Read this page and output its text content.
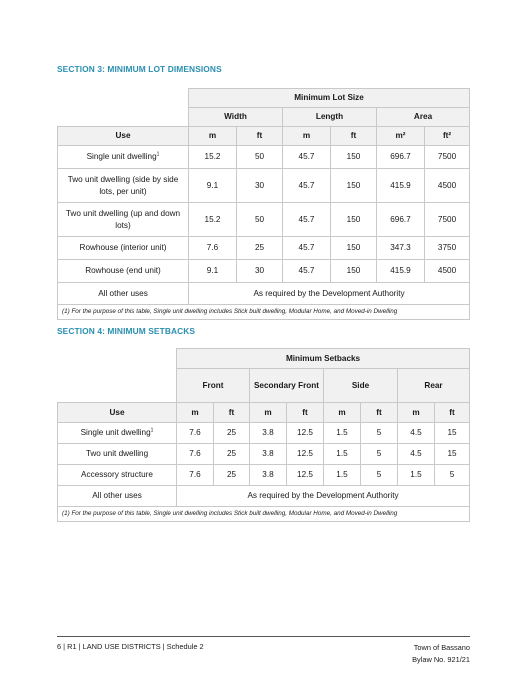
SECTION 3: MINIMUM LOT DIMENSIONS
	Minimum Lot Size					
	Width		Length		Area	
Use	m	ft	m	ft	m²	ft²
Single unit dwelling$^1$	15.2	50	45.7	150	696.7	7500
Two unit dwelling (side by side lots, per unit)	9.1	30	45.7	150	415.9	4500
Two unit dwelling (up and down lots)	15.2	50	45.7	150	696.7	7500
Rowhouse (interior unit)	7.6	25	45.7	150	347.3	3750
Rowhouse (end unit)	9.1	30	45.7	150	415.9	4500
All other uses	As required by the Development Authority					
(1) For the purpose of this table, Single unit dwelling includes Stick built dwelling, Modular Home, and Moved-in Dwelling						
SECTION 4: MINIMUM SETBACKS
	Minimum Setbacks							
	Front		Secondary Front		Side		Rear	
Use	m	ft	m	ft	m	ft	m	ft
Single unit dwelling$^1$	7.6	25	3.8	12.5	1.5	5	4.5	15
Two unit dwelling	7.6	25	3.8	12.5	1.5	5	4.5	15
Accessory structure	7.6	25	3.8	12.5	1.5	5	1.5	5
All other uses	As required by the Development Authority							
(1) For the purpose of this table, Single unit dwelling includes Stick built dwelling, Modular Home, and Moved-in Dwelling								
6 | R1 | LAND USE DISTRICTS | Schedule 2	Town of Bassano
Bylaw No. 921/21
